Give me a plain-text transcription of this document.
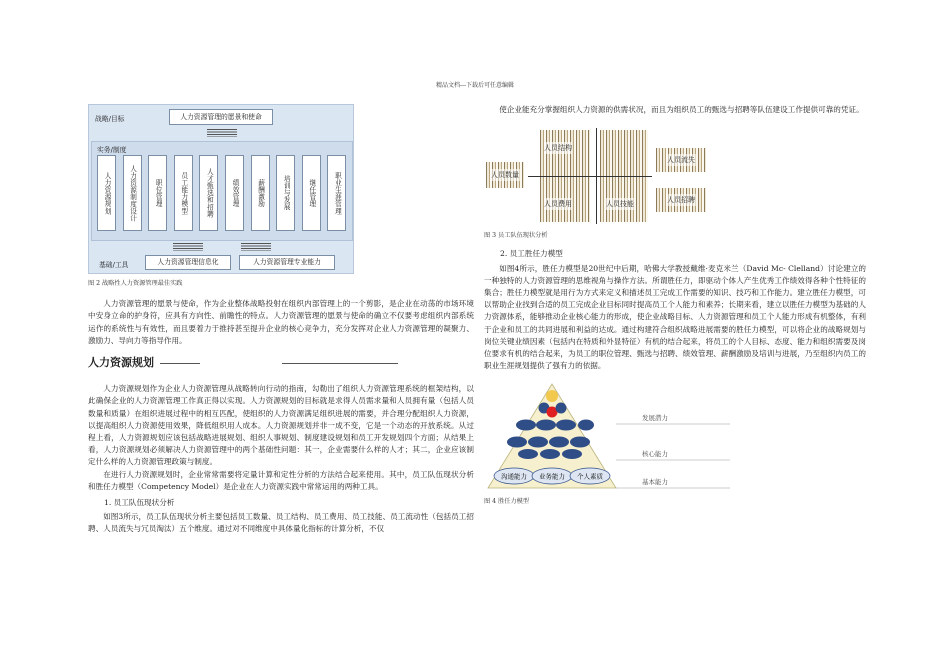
精品文档---下载后可任意编辑
战略/目标	人力资源管理的愿景和使命
实务/制度
人力资源规划	人力资源制度设计	职位管理	员工能力模型	人才甄选和招聘	绩效管理	薪酬激励	培训与发展	继任管理	职业生涯管理
基础/工具	人力资源管理信息化	人力资源管理专业能力
图 2 战略性人力资源管理最佳实践

人力资源管理的愿景与使命，作为企业整体战略投射在组织内部管理上的一个剪影，是企业在动荡的市场环境中安身立命的护身符，应具有方向性、前瞻性的特点。人力资源管理的愿景与使命的确立不仅要考虑组织内部系统运作的系统性与有效性，而且要着力于推持甚至提升企业的核心竞争力，充分发挥对企业人力资源管理的凝聚力、激励力、导向力等指导作用。

人力资源规划

人力资源规划作为企业人力资源管理从战略转向行动的指南，勾勒出了组织人力资源管理系统的框架结构，以此确保企业的人力资源管理工作真正得以实现。人力资源规划的目标就是求得人员需求量和人员拥有量（包括人员数量和质量）在组织进展过程中的相互匹配，使组织的人力资源满足组织进展的需要，并合理分配组织人力资源，以提高组织人力资源使用效果，降低组织用人成本。人力资源规划并非一成不变，它是一个动态的开放系统。从过程上看，人力资源规划应该包括战略进展规划、组织人事规划、制度建设规划和员工开发规划四个方面；从结果上看，人力资源规划必须解决人力资源管理中的两个基础性问题：其一，企业需要什么样的人才；其二，企业应该制定什么样的人力资源管理政策与制度。

在进行人力资源规划时，企业常常需要将定量计算和定性分析的方法结合起来使用。其中，员工队伍现状分析和胜任力模型（Competency Model）是企业在人力资源实践中常常运用的两种工具。

1. 员工队伍现状分析

如图3所示，员工队伍现状分析主要包括员工数量、员工结构、员工费用、员工技能、员工流动性（包括员工招聘、人员流失与冗员淘汰）五个维度。通过对不同维度中具体量化指标的计算分析，不仅

使企业能充分掌握组织人力资源的供需状况，而且为组织员工的甄选与招聘等队伍建设工作提供可靠的凭证。

人员数量
人员结构
人员费用	人员技能
人员流失
人员招聘
图 3 员工队伍现状分析
2. 员工胜任力模型

如图4所示，胜任力模型是20世纪中后期，哈佛大学教授戴维·麦克米兰（David Mc- Clelland）讨论建立的一种独特的人力资源管理的思维视角与操作方法。所谓胜任力，即驱动个体人产生优秀工作绩效得各种个性特征的集合；胜任力模型就是用行为方式来定义和描述员工完成工作需要的知识、技巧和工作能力。建立胜任力模型，可以帮助企业找到合适的员工完成企业目标同时提高员工个人能力和素养；长期来看，建立以胜任力模型为基础的人力资源体系，能够推动企业核心能力的形成，使企业战略目标、人力资源管理和员工个人能力形成有机整体，有利于企业和员工的共同进展和利益的达成。通过构建符合组织战略进展需要的胜任力模型，可以将企业的战略规划与岗位关键业绩因素（包括内在特质和外显特征）有机的结合起来，将员工的个人目标、态度、能力和组织需要及岗位要求有机的结合起来，为员工的职位管理、甄选与招聘、绩效管理、薪酬激励及培训与进展，乃至组织内员工的职业生涯规划提供了强有力的依据。

沟通能力 业务能力 个人素质
发展潜力
核心能力
基本能力
图 4 胜任力模型
